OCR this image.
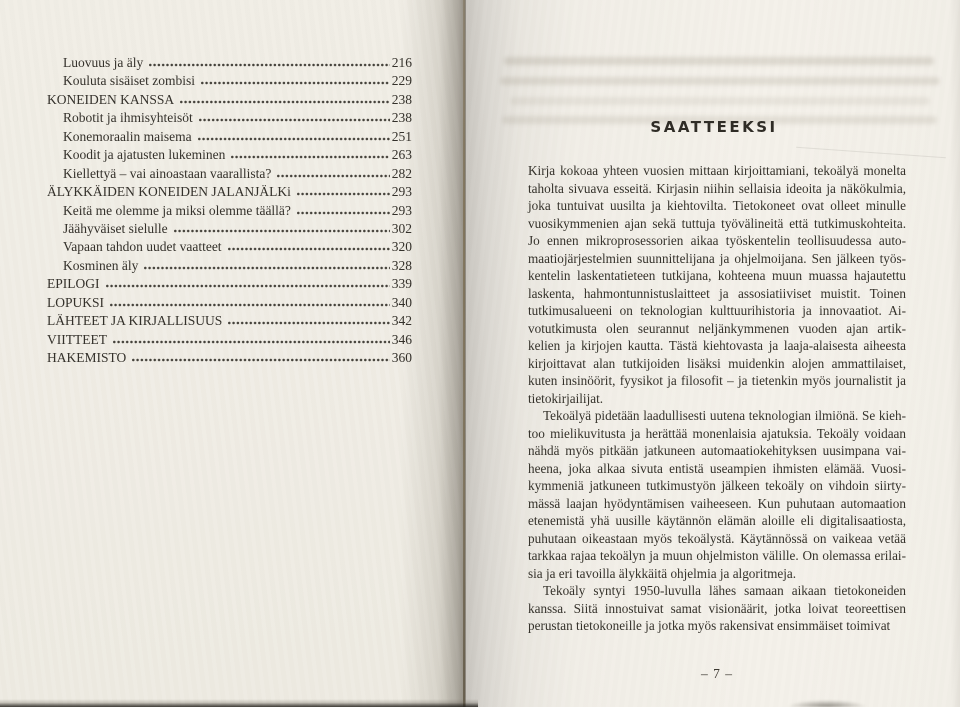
Luovuus ja äly	216
Kouluta sisäiset zombisi	229
KONEIDEN KANSSA	238
Robotit ja ihmisyhteisöt	238
Konemoraalin maisema	251
Koodit ja ajatusten lukeminen	263
Kiellettyä – vai ainoastaan vaarallista?	282
ÄLYKKÄIDEN KONEIDEN JALANJÄLKi	293
Keitä me olemme ja miksi olemme täällä?	293
Jäähyväiset sielulle	302
Vapaan tahdon uudet vaatteet	320
Kosminen äly	328
EPILOGI	339
LOPUKSI	340
LÄHTEET JA KIRJALLISUUS	342
VIITTEET	346
HAKEMISTO	360
SAATTEEKSI
Kirja kokoaa yhteen vuosien mittaan kirjoittamiani, tekoälyä monelta
taholta sivuava esseitä. Kirjasin niihin sellaisia ideoita ja näkökulmia,
joka tuntuivat uusilta ja kiehtovilta. Tietokoneet ovat olleet minulle
vuosikymmenien ajan sekä tuttuja työvälineitä että tutkimuskohteita.
Jo ennen mikroprosessorien aikaa työskentelin teollisuudessa auto-
maatiojärjestelmien suunnittelijana ja ohjelmoijana. Sen jälkeen työs-
kentelin laskentatieteen tutkijana, kohteena muun muassa hajautettu
laskenta, hahmontunnistuslaitteet ja assosiatiiviset muistit. Toinen
tutkimusalueeni on teknologian kulttuurihistoria ja innovaatiot. Ai-
votutkimusta olen seurannut neljänkymmenen vuoden ajan artik-
kelien ja kirjojen kautta. Tästä kiehtovasta ja laaja-alaisesta aiheesta
kirjoittavat alan tutkijoiden lisäksi muidenkin alojen ammattilaiset,
kuten insinöörit, fyysikot ja filosofit – ja tietenkin myös journalistit ja
tietokirjailijat.
Tekoälyä pidetään laadullisesti uutena teknologian ilmiönä. Se kieh-
too mielikuvitusta ja herättää monenlaisia ajatuksia. Tekoäly voidaan
nähdä myös pitkään jatkuneen automaatiokehityksen uusimpana vai-
heena, joka alkaa sivuta entistä useampien ihmisten elämää. Vuosi-
kymmeniä jatkuneen tutkimustyön jälkeen tekoäly on vihdoin siirty-
mässä laajan hyödyntämisen vaiheeseen. Kun puhutaan automaation
etenemistä yhä uusille käytännön elämän aloille eli digitalisaatiosta,
puhutaan oikeastaan myös tekoälystä. Käytännössä on vaikeaa vetää
tarkkaa rajaa tekoälyn ja muun ohjelmiston välille. On olemassa erilai-
sia ja eri tavoilla älykkäitä ohjelmia ja algoritmeja.
Tekoäly syntyi 1950-luvulla lähes samaan aikaan tietokoneiden
kanssa. Siitä innostuivat samat visionäärit, jotka loivat teoreettisen
perustan tietokoneille ja jotka myös rakensivat ensimmäiset toimivat
– 7 –
